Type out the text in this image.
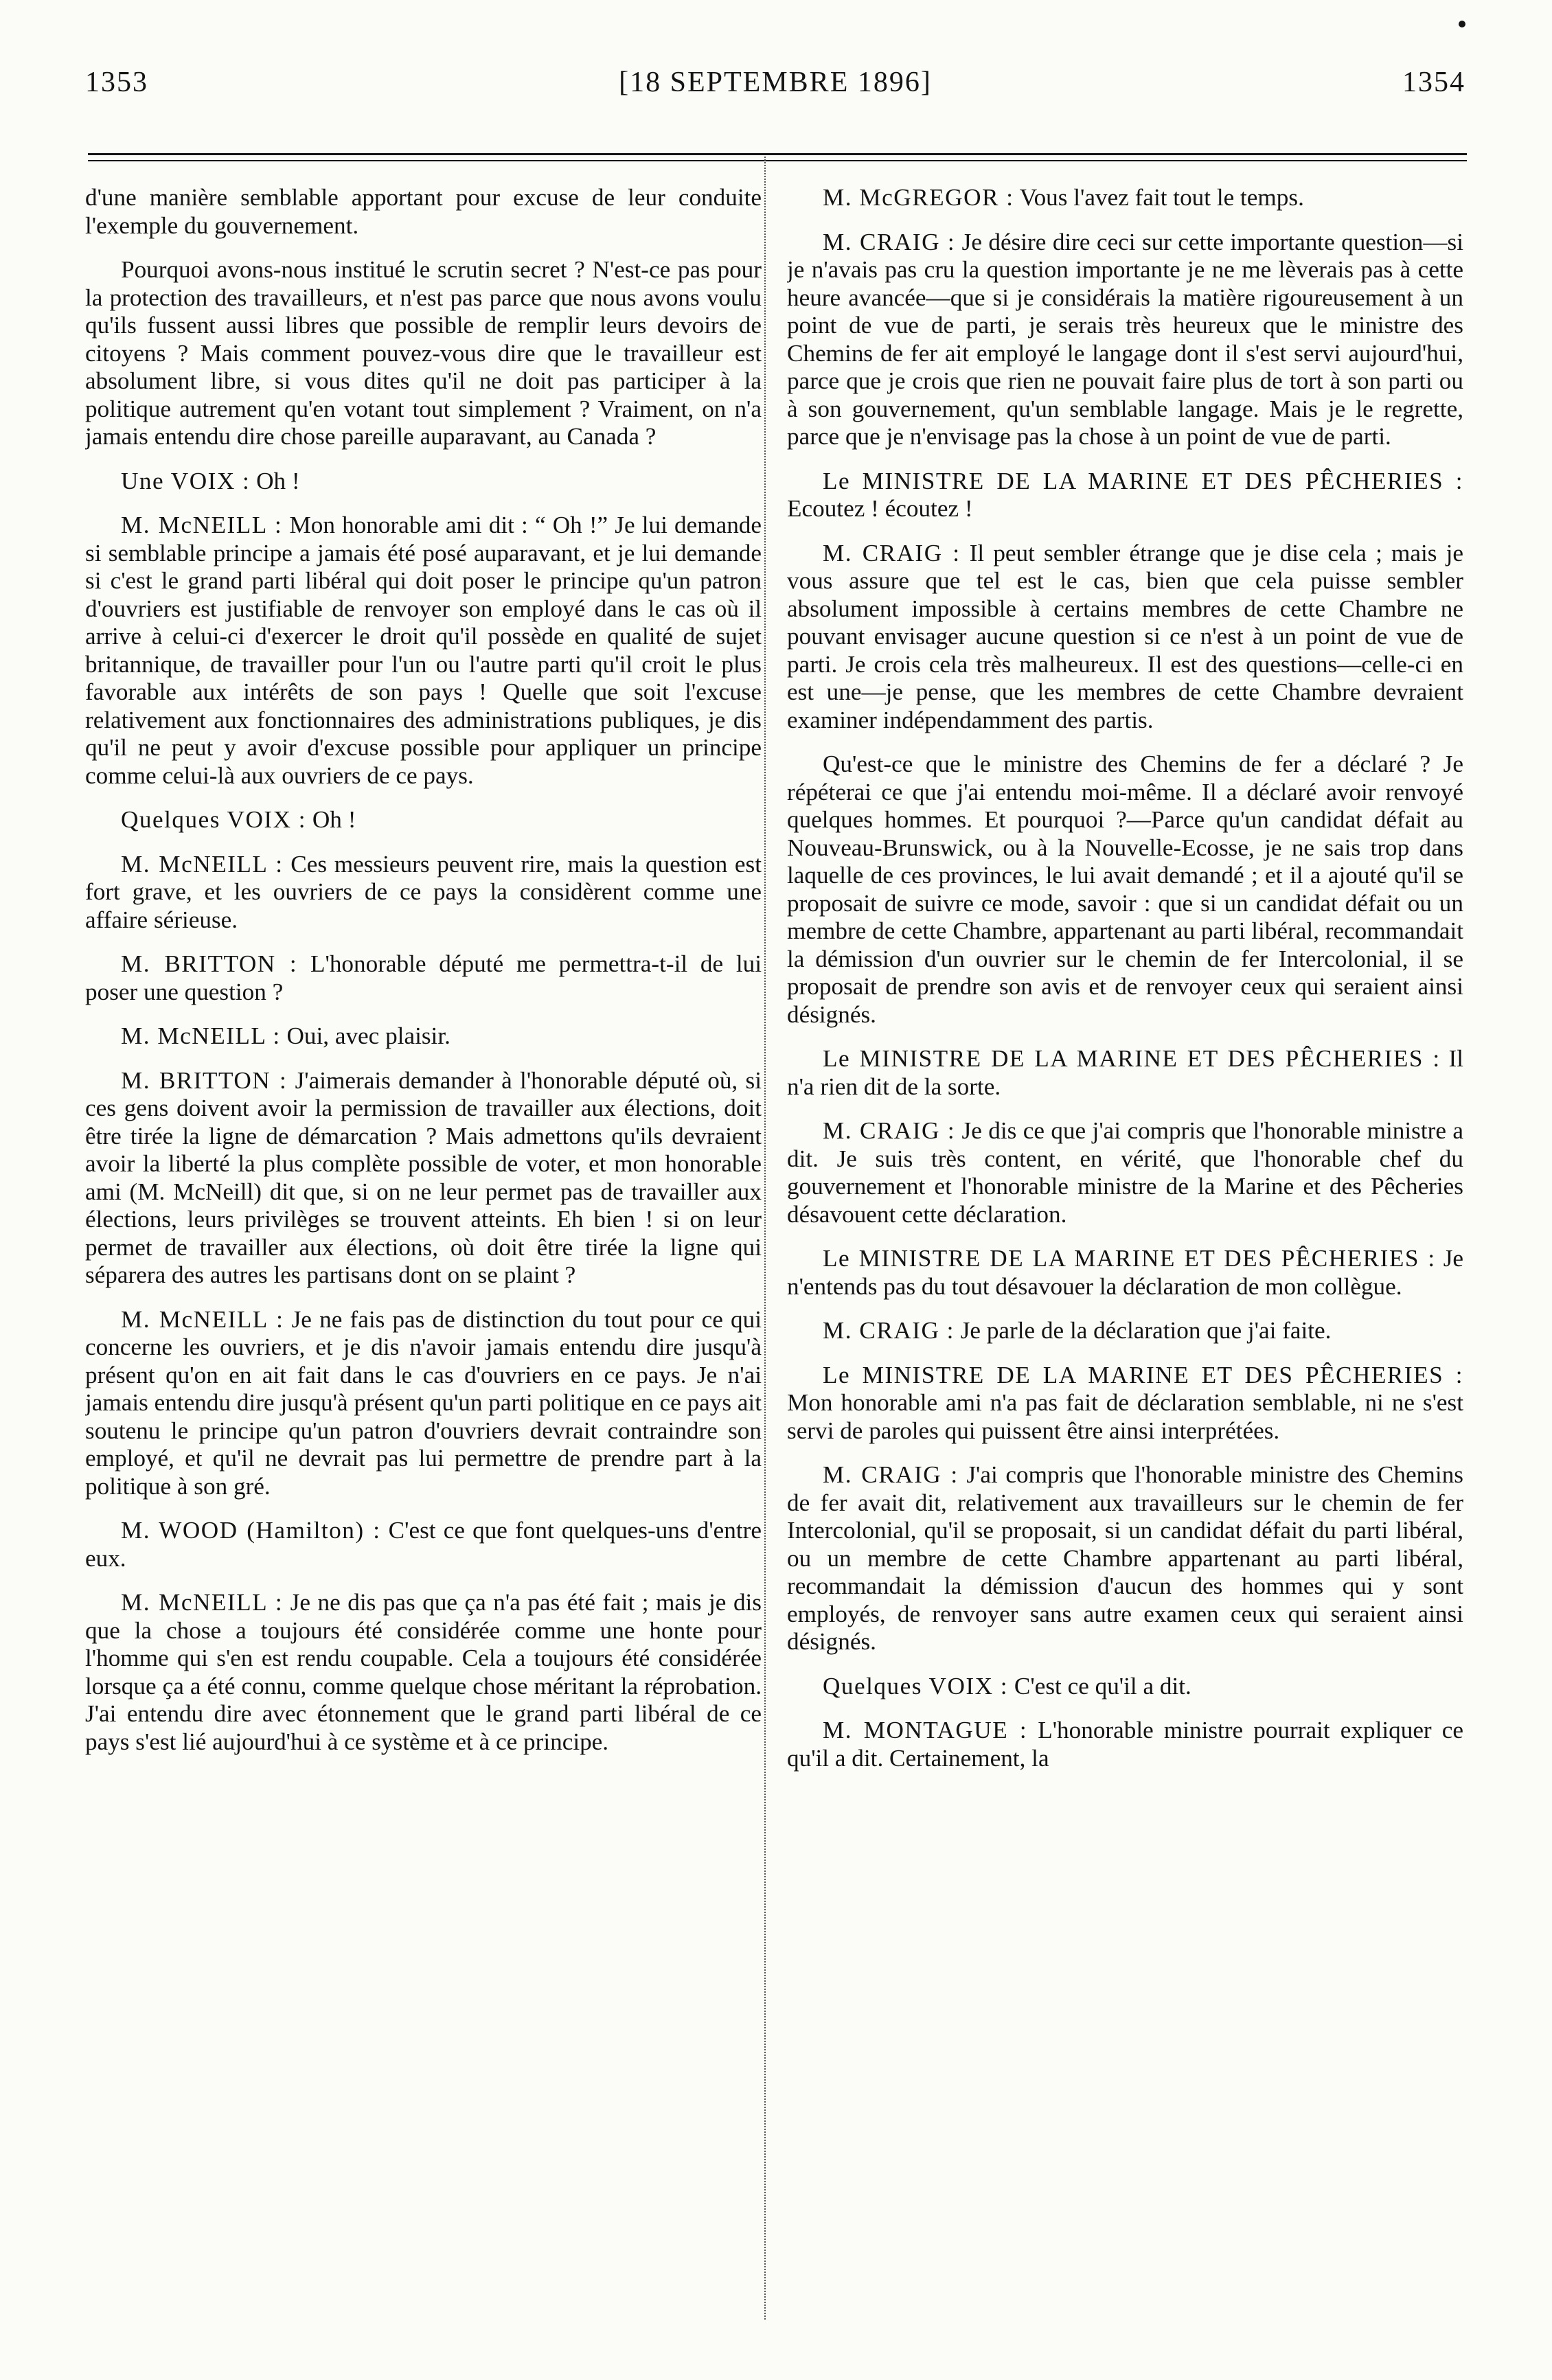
1353	[18 SEPTEMBRE 1896]	1354

d'une manière semblable apportant pour excuse de leur conduite l'exemple du gouvernement.

Pourquoi avons-nous institué le scrutin secret ? N'est-ce pas pour la protection des travailleurs, et n'est pas parce que nous avons voulu qu'ils fussent aussi libres que possible de remplir leurs devoirs de citoyens ? Mais comment pouvez-vous dire que le travailleur est absolument libre, si vous dites qu'il ne doit pas participer à la politique autrement qu'en votant tout simplement ? Vraiment, on n'a jamais entendu dire chose pareille auparavant, au Canada ?

Une VOIX : Oh !

M. McNEILL : Mon honorable ami dit : “ Oh !” Je lui demande si semblable principe a jamais été posé auparavant, et je lui demande si c'est le grand parti libéral qui doit poser le principe qu'un patron d'ouvriers est justifiable de renvoyer son employé dans le cas où il arrive à celui-ci d'exercer le droit qu'il possède en qualité de sujet britannique, de travailler pour l'un ou l'autre parti qu'il croit le plus favorable aux intérêts de son pays ! Quelle que soit l'excuse relativement aux fonctionnaires des administrations publiques, je dis qu'il ne peut y avoir d'excuse possible pour appliquer un principe comme celui-là aux ouvriers de ce pays.

Quelques VOIX : Oh !

M. McNEILL : Ces messieurs peuvent rire, mais la question est fort grave, et les ouvriers de ce pays la considèrent comme une affaire sérieuse.

M. BRITTON : L'honorable député me permettra-t-il de lui poser une question ?

M. McNEILL : Oui, avec plaisir.

M. BRITTON : J'aimerais demander à l'honorable député où, si ces gens doivent avoir la permission de travailler aux élections, doit être tirée la ligne de démarcation ? Mais admettons qu'ils devraient avoir la liberté la plus complète possible de voter, et mon honorable ami (M. McNeill) dit que, si on ne leur permet pas de travailler aux élections, leurs privilèges se trouvent atteints. Eh bien ! si on leur permet de travailler aux élections, où doit être tirée la ligne qui séparera des autres les partisans dont on se plaint ?

M. McNEILL : Je ne fais pas de distinction du tout pour ce qui concerne les ouvriers, et je dis n'avoir jamais entendu dire jusqu'à présent qu'on en ait fait dans le cas d'ouvriers en ce pays. Je n'ai jamais entendu dire jusqu'à présent qu'un parti politique en ce pays ait soutenu le principe qu'un patron d'ouvriers devrait contraindre son employé, et qu'il ne devrait pas lui permettre de prendre part à la politique à son gré.

M. WOOD (Hamilton) : C'est ce que font quelques-uns d'entre eux.

M. McNEILL : Je ne dis pas que ça n'a pas été fait ; mais je dis que la chose a toujours été considérée comme une honte pour l'homme qui s'en est rendu coupable. Cela a toujours été considérée lorsque ça a été connu, comme quelque chose méritant la réprobation. J'ai entendu dire avec étonnement que le grand parti libéral de ce pays s'est lié aujourd'hui à ce système et à ce principe.

M. McGREGOR : Vous l'avez fait tout le temps.

M. CRAIG : Je désire dire ceci sur cette importante question—si je n'avais pas cru la question importante je ne me lèverais pas à cette heure avancée—que si je considérais la matière rigoureusement à un point de vue de parti, je serais très heureux que le ministre des Chemins de fer ait employé le langage dont il s'est servi aujourd'hui, parce que je crois que rien ne pouvait faire plus de tort à son parti ou à son gouvernement, qu'un semblable langage. Mais je le regrette, parce que je n'envisage pas la chose à un point de vue de parti.

Le MINISTRE DE LA MARINE ET DES PÊCHERIES : Ecoutez ! écoutez !

M. CRAIG : Il peut sembler étrange que je dise cela ; mais je vous assure que tel est le cas, bien que cela puisse sembler absolument impossible à certains membres de cette Chambre ne pouvant envisager aucune question si ce n'est à un point de vue de parti. Je crois cela très malheureux. Il est des questions—celle-ci en est une—je pense, que les membres de cette Chambre devraient examiner indépendamment des partis.

Qu'est-ce que le ministre des Chemins de fer a déclaré ? Je répéterai ce que j'ai entendu moi-même. Il a déclaré avoir renvoyé quelques hommes. Et pourquoi ?—Parce qu'un candidat défait au Nouveau-Brunswick, ou à la Nouvelle-Ecosse, je ne sais trop dans laquelle de ces provinces, le lui avait demandé ; et il a ajouté qu'il se proposait de suivre ce mode, savoir : que si un candidat défait ou un membre de cette Chambre, appartenant au parti libéral, recommandait la démission d'un ouvrier sur le chemin de fer Intercolonial, il se proposait de prendre son avis et de renvoyer ceux qui seraient ainsi désignés.

Le MINISTRE DE LA MARINE ET DES PÊCHERIES : Il n'a rien dit de la sorte.

M. CRAIG : Je dis ce que j'ai compris que l'honorable ministre a dit. Je suis très content, en vérité, que l'honorable chef du gouvernement et l'honorable ministre de la Marine et des Pêcheries désavouent cette déclaration.

Le MINISTRE DE LA MARINE ET DES PÊCHERIES : Je n'entends pas du tout désavouer la déclaration de mon collègue.

M. CRAIG : Je parle de la déclaration que j'ai faite.

Le MINISTRE DE LA MARINE ET DES PÊCHERIES : Mon honorable ami n'a pas fait de déclaration semblable, ni ne s'est servi de paroles qui puissent être ainsi interprétées.

M. CRAIG : J'ai compris que l'honorable ministre des Chemins de fer avait dit, relativement aux travailleurs sur le chemin de fer Intercolonial, qu'il se proposait, si un candidat défait du parti libéral, ou un membre de cette Chambre appartenant au parti libéral, recommandait la démission d'aucun des hommes qui y sont employés, de renvoyer sans autre examen ceux qui seraient ainsi désignés.

Quelques VOIX : C'est ce qu'il a dit.

M. MONTAGUE : L'honorable ministre pourrait expliquer ce qu'il a dit. Certainement, la
